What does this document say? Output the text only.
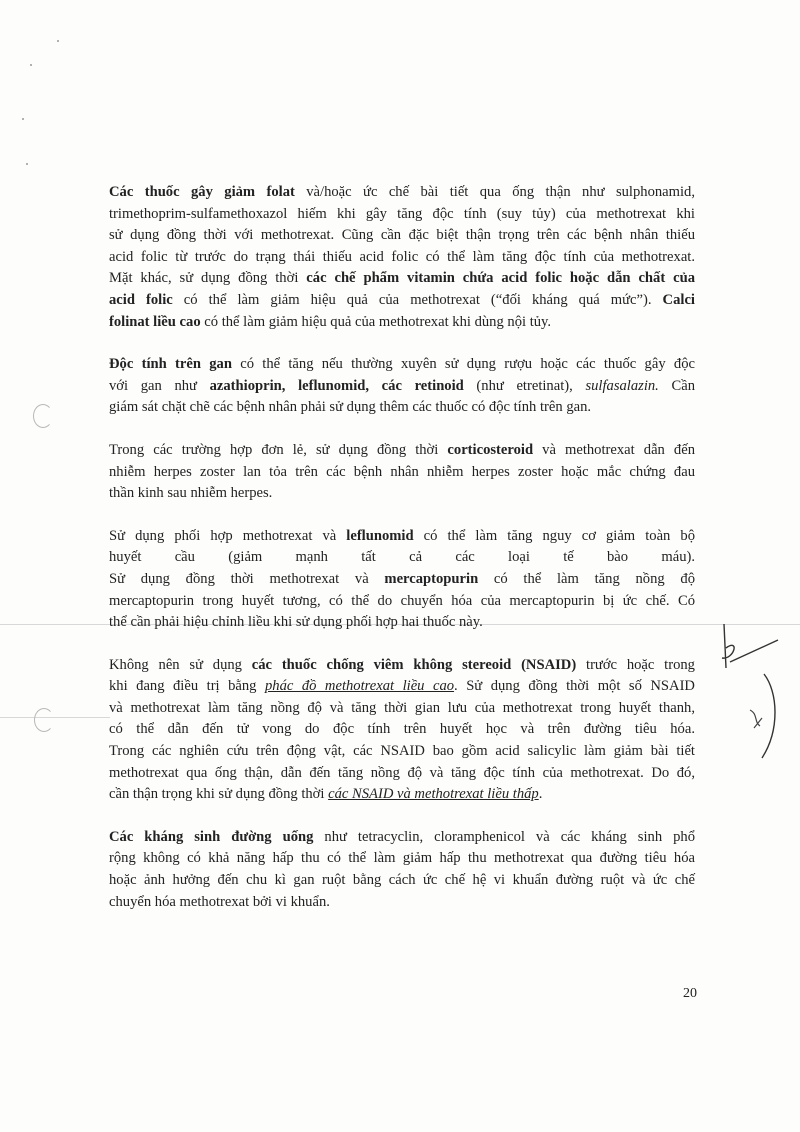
Các thuốc gây giảm folat và/hoặc ức chế bài tiết qua ống thận như sulphonamid,
trimethoprim-sulfamethoxazol hiếm khi gây tăng độc tính (suy tủy) của methotrexat khi
sử dụng đồng thời với methotrexat. Cũng cần đặc biệt thận trọng trên các bệnh nhân thiếu
acid folic từ trước do trạng thái thiếu acid folic có thể làm tăng độc tính của methotrexat.
Mặt khác, sử dụng đồng thời các chế phẩm vitamin chứa acid folic hoặc dẫn chất của
acid folic có thể làm giảm hiệu quả của methotrexat (“đối kháng quá mức”). Calci
folinat liều cao có thể làm giảm hiệu quả của methotrexat khi dùng nội tủy.
Độc tính trên gan có thể tăng nếu thường xuyên sử dụng rượu hoặc các thuốc gây độc
với gan như azathioprin, leflunomid, các retinoid (như etretinat), sulfasalazin. Cần
giám sát chặt chẽ các bệnh nhân phải sử dụng thêm các thuốc có độc tính trên gan.
Trong các trường hợp đơn lẻ, sử dụng đồng thời corticosteroid và methotrexat dẫn đến
nhiễm herpes zoster lan tỏa trên các bệnh nhân nhiễm herpes zoster hoặc mắc chứng đau
thần kinh sau nhiễm herpes.
Sử dụng phối hợp methotrexat và leflunomid có thể làm tăng nguy cơ giảm toàn bộ
huyết cầu (giảm mạnh tất cả các loại tế bào máu).
Sử dụng đồng thời methotrexat và mercaptopurin có thể làm tăng nồng độ
mercaptopurin trong huyết tương, có thể do chuyển hóa của mercaptopurin bị ức chế. Có
thể cần phải hiệu chỉnh liều khi sử dụng phối hợp hai thuốc này.
Không nên sử dụng các thuốc chống viêm không stereoid (NSAID) trước hoặc trong
khi đang điều trị bằng phác đồ methotrexat liều cao. Sử dụng đồng thời một số NSAID
và methotrexat làm tăng nồng độ và tăng thời gian lưu của methotrexat trong huyết thanh,
có thể dẫn đến tử vong do độc tính trên huyết học và trên đường tiêu hóa.
Trong các nghiên cứu trên động vật, các NSAID bao gồm acid salicylic làm giảm bài tiết
methotrexat qua ống thận, dẫn đến tăng nồng độ và tăng độc tính của methotrexat. Do đó,
cần thận trọng khi sử dụng đồng thời các NSAID và methotrexat liều thấp.
Các kháng sinh đường uống như tetracyclin, cloramphenicol và các kháng sinh phổ
rộng không có khả năng hấp thu có thể làm giảm hấp thu methotrexat qua đường tiêu hóa
hoặc ảnh hưởng đến chu kì gan ruột bằng cách ức chế hệ vi khuẩn đường ruột và ức chế
chuyển hóa methotrexat bởi vi khuẩn.
20
